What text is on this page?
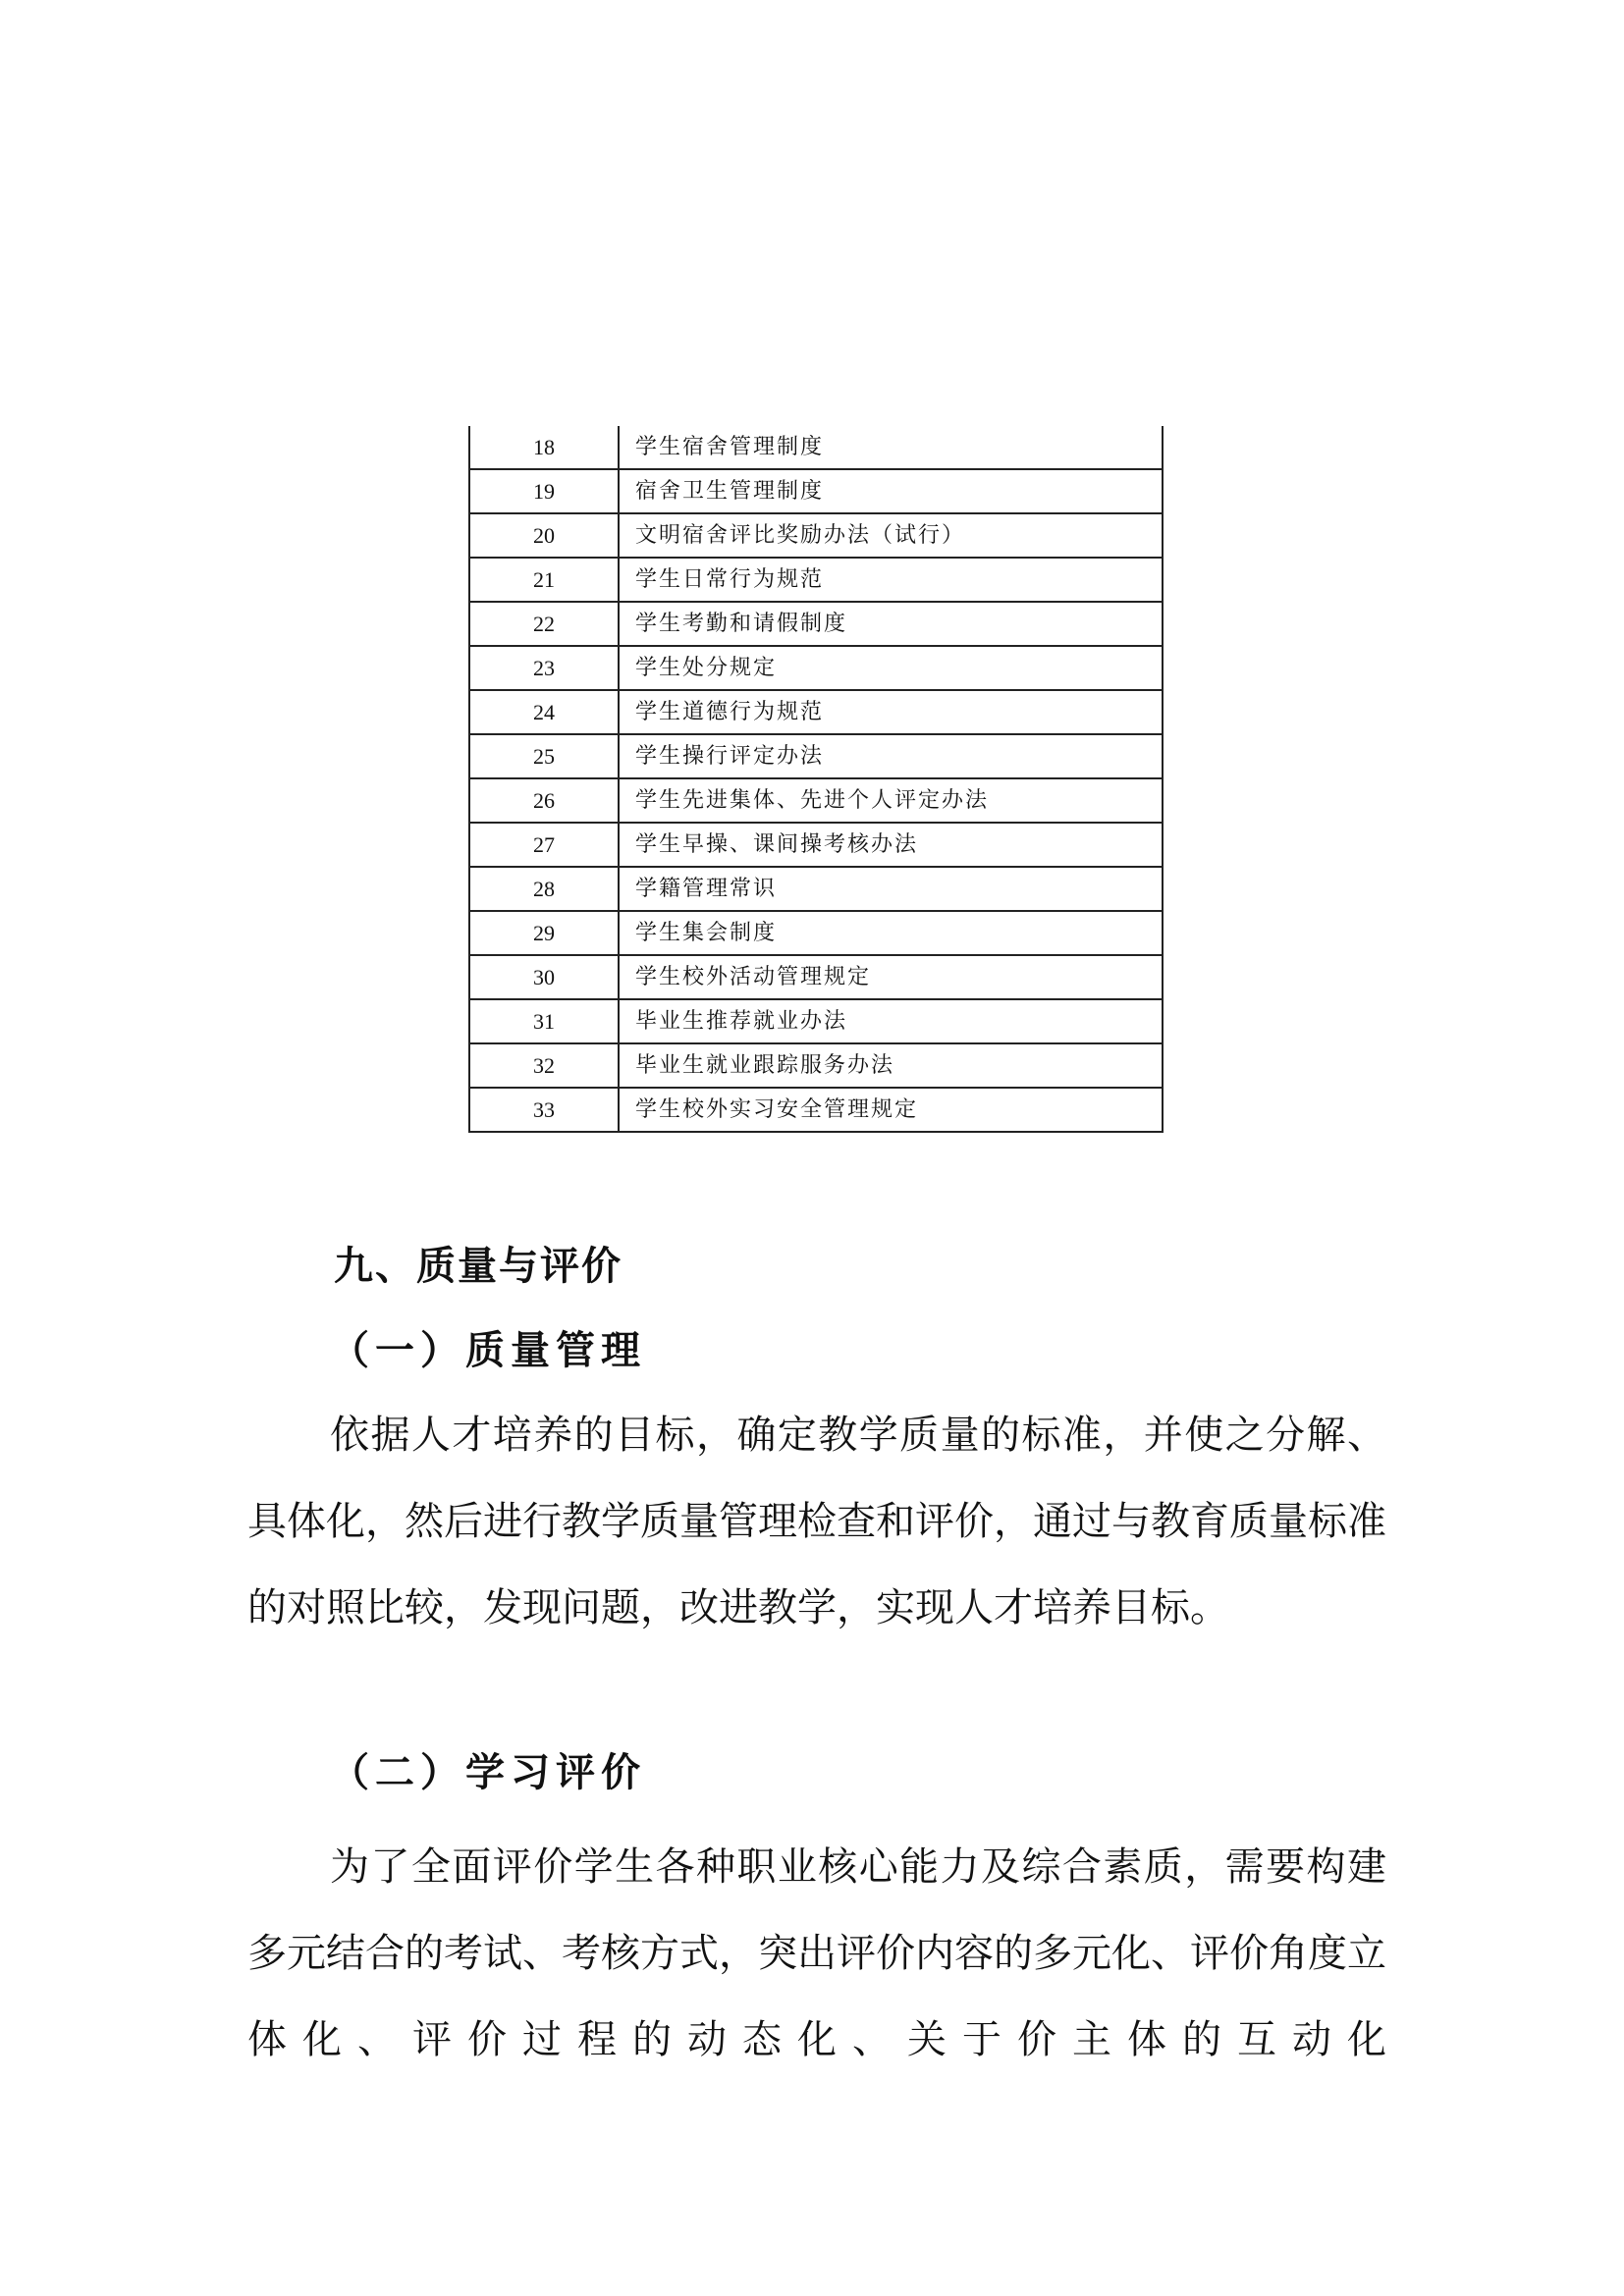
18	学生宿舍管理制度
19	宿舍卫生管理制度
20	文明宿舍评比奖励办法（试行）
21	学生日常行为规范
22	学生考勤和请假制度
23	学生处分规定
24	学生道德行为规范
25	学生操行评定办法
26	学生先进集体、先进个人评定办法
27	学生早操、课间操考核办法
28	学籍管理常识
29	学生集会制度
30	学生校外活动管理规定
31	毕业生推荐就业办法
32	毕业生就业跟踪服务办法
33	学生校外实习安全管理规定
九、质量与评价
（一）质量管理

依据人才培养的目标，确定教学质量的标准，并使之分解、具体化，然后进行教学质量管理检查和评价，通过与教育质量标准的对照比较，发现问题，改进教学，实现人才培养目标。

（二）学习评价

为了全面评价学生各种职业核心能力及综合素质，需要构建多元结合的考试、考核方式，突出评价内容的多元化、评价角度立体化、评价过程的动态化、关于价主体的互动化
